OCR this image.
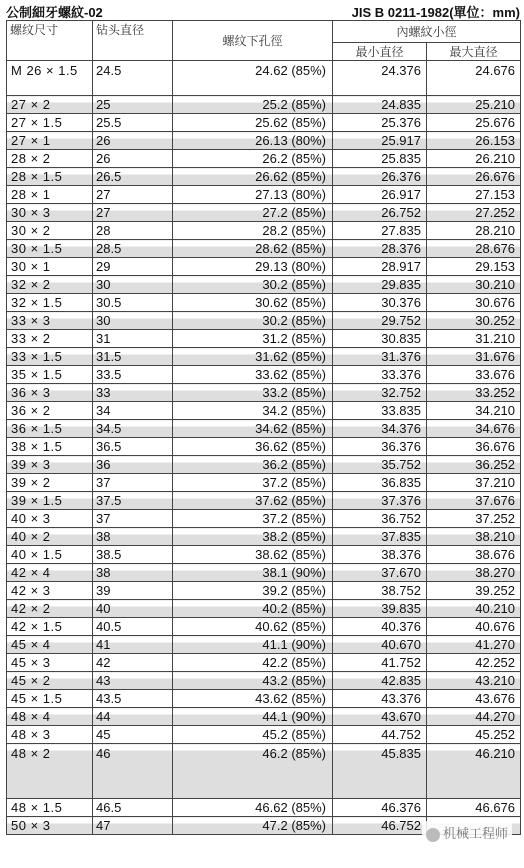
公制細牙螺紋-02	JIS B 0211-1982(單位：mm)
螺纹尺寸	钻头直径	螺纹下孔徑	內螺紋小徑	
			最小直径	最大直径
M 26 × 1.5	24.5	24.62 (85%)	24.376	24.676
27 × 2	25	25.2 (85%)	24.835	25.210
27 × 1.5	25.5	25.62 (85%)	25.376	25.676
27 × 1	26	26.13 (80%)	25.917	26.153
28 × 2	26	26.2 (85%)	25.835	26.210
28 × 1.5	26.5	26.62 (85%)	26.376	26.676
28 × 1	27	27.13 (80%)	26.917	27.153
30 × 3	27	27.2 (85%)	26.752	27.252
30 × 2	28	28.2 (85%)	27.835	28.210
30 × 1.5	28.5	28.62 (85%)	28.376	28.676
30 × 1	29	29.13 (80%)	28.917	29.153
32 × 2	30	30.2 (85%)	29.835	30.210
32 × 1.5	30.5	30.62 (85%)	30.376	30.676
33 × 3	30	30.2 (85%)	29.752	30.252
33 × 2	31	31.2 (85%)	30.835	31.210
33 × 1.5	31.5	31.62 (85%)	31.376	31.676
35 × 1.5	33.5	33.62 (85%)	33.376	33.676
36 × 3	33	33.2 (85%)	32.752	33.252
36 × 2	34	34.2 (85%)	33.835	34.210
36 × 1.5	34.5	34.62 (85%)	34.376	34.676
38 × 1.5	36.5	36.62 (85%)	36.376	36.676
39 × 3	36	36.2 (85%)	35.752	36.252
39 × 2	37	37.2 (85%)	36.835	37.210
39 × 1.5	37.5	37.62 (85%)	37.376	37.676
40 × 3	37	37.2 (85%)	36.752	37.252
40 × 2	38	38.2 (85%)	37.835	38.210
40 × 1.5	38.5	38.62 (85%)	38.376	38.676
42 × 4	38	38.1 (90%)	37.670	38.270
42 × 3	39	39.2 (85%)	38.752	39.252
42 × 2	40	40.2 (85%)	39.835	40.210
42 × 1.5	40.5	40.62 (85%)	40.376	40.676
45 × 4	41	41.1 (90%)	40.670	41.270
45 × 3	42	42.2 (85%)	41.752	42.252
45 × 2	43	43.2 (85%)	42.835	43.210
45 × 1.5	43.5	43.62 (85%)	43.376	43.676
48 × 4	44	44.1 (90%)	43.670	44.270
48 × 3	45	45.2 (85%)	44.752	45.252
48 × 2	46	46.2 (85%)	45.835	46.210
48 × 1.5	46.5	46.62 (85%)	46.376	46.676
50 × 3	47	47.2 (85%)	46.752	
机械工程师
